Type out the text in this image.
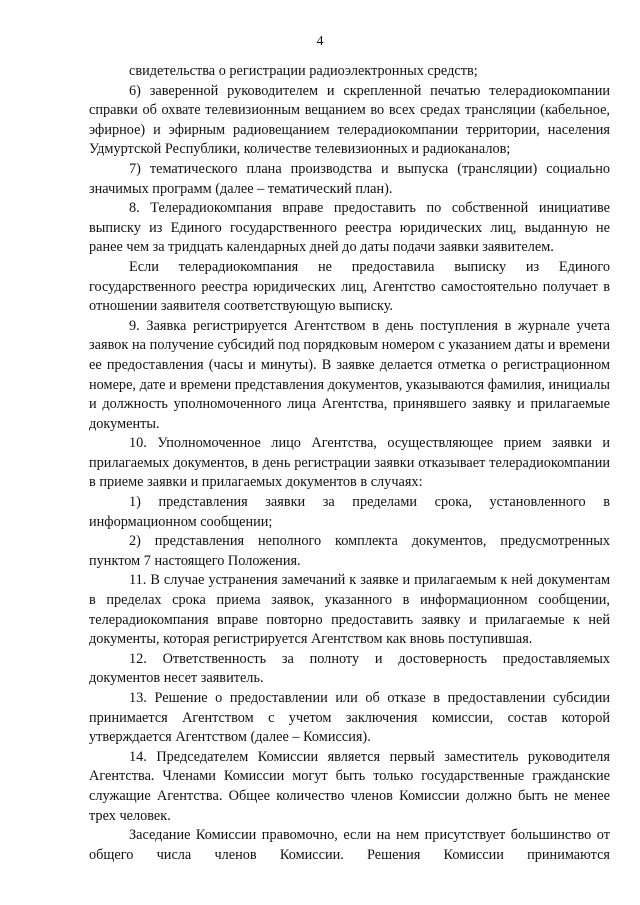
4

свидетельства о регистрации радиоэлектронных средств;

6) заверенной руководителем и скрепленной печатью телерадиокомпании справки об охвате телевизионным вещанием во всех средах трансляции (кабельное, эфирное) и эфирным радиовещанием телерадиокомпании территории, населения Удмуртской Республики, количестве телевизионных и радиоканалов;

7) тематического плана производства и выпуска (трансляции) социально значимых программ (далее – тематический план).

8. Телерадиокомпания вправе предоставить по собственной инициативе выписку из Единого государственного реестра юридических лиц, выданную не ранее чем за тридцать календарных дней до даты подачи заявки заявителем.

Если телерадиокомпания не предоставила выписку из Единого государственного реестра юридических лиц, Агентство самостоятельно получает в отношении заявителя соответствующую выписку.

9. Заявка регистрируется Агентством в день поступления в журнале учета заявок на получение субсидий под порядковым номером с указанием даты и времени ее предоставления (часы и минуты). В заявке делается отметка о регистрационном номере, дате и времени представления документов, указываются фамилия, инициалы и должность уполномоченного лица Агентства, принявшего заявку и прилагаемые документы.

10. Уполномоченное лицо Агентства, осуществляющее прием заявки и прилагаемых документов, в день регистрации заявки отказывает телерадиокомпании в приеме заявки и прилагаемых документов в случаях:

1) представления заявки за пределами срока, установленного в информационном сообщении;

2) представления неполного комплекта документов, предусмотренных пунктом 7 настоящего Положения.

11. В случае устранения замечаний к заявке и прилагаемым к ней документам в пределах срока приема заявок, указанного в информационном сообщении, телерадиокомпания вправе повторно предоставить заявку и прилагаемые к ней документы, которая регистрируется Агентством как вновь поступившая.

12. Ответственность за полноту и достоверность предоставляемых документов несет заявитель.

13. Решение о предоставлении или об отказе в предоставлении субсидии принимается Агентством с учетом заключения комиссии, состав которой утверждается Агентством (далее – Комиссия).

14. Председателем Комиссии является первый заместитель руководителя Агентства. Членами Комиссии могут быть только государственные гражданские служащие Агентства. Общее количество членов Комиссии должно быть не менее трех человек.

Заседание Комиссии правомочно, если на нем присутствует большинство от общего числа членов Комиссии. Решения Комиссии принимаются
